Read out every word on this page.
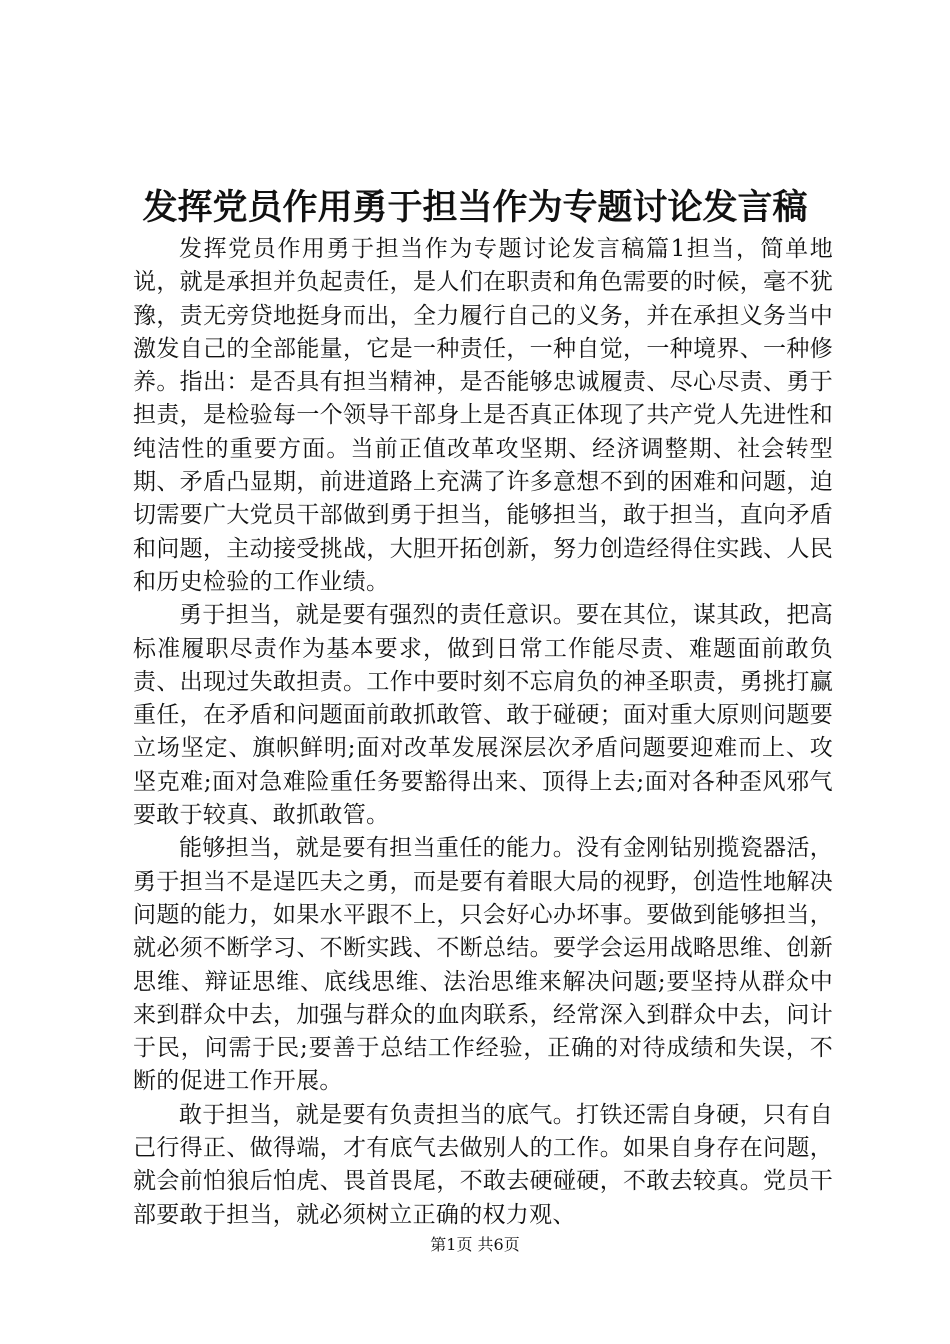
发挥党员作用勇于担当作为专题讨论发言稿

发挥党员作用勇于担当作为专题讨论发言稿篇1担当，简单地说，就是承担并负起责任，是人们在职责和角色需要的时候，毫不犹豫，责无旁贷地挺身而出，全力履行自己的义务，并在承担义务当中激发自己的全部能量，它是一种责任，一种自觉，一种境界、一种修养。指出：是否具有担当精神，是否能够忠诚履责、尽心尽责、勇于担责，是检验每一个领导干部身上是否真正体现了共产党人先进性和纯洁性的重要方面。当前正值改革攻坚期、经济调整期、社会转型期、矛盾凸显期，前进道路上充满了许多意想不到的困难和问题，迫切需要广大党员干部做到勇于担当，能够担当，敢于担当，直向矛盾和问题，主动接受挑战，大胆开拓创新，努力创造经得住实践、人民和历史检验的工作业绩。

勇于担当，就是要有强烈的责任意识。要在其位，谋其政，把高标准履职尽责作为基本要求，做到日常工作能尽责、难题面前敢负责、出现过失敢担责。工作中要时刻不忘肩负的神圣职责，勇挑打赢重任，在矛盾和问题面前敢抓敢管、敢于碰硬；面对重大原则问题要立场坚定、旗帜鲜明;面对改革发展深层次矛盾问题要迎难而上、攻坚克难;面对急难险重任务要豁得出来、顶得上去;面对各种歪风邪气要敢于较真、敢抓敢管。

能够担当，就是要有担当重任的能力。没有金刚钻别揽瓷器活，勇于担当不是逞匹夫之勇，而是要有着眼大局的视野，创造性地解决问题的能力，如果水平跟不上，只会好心办坏事。要做到能够担当，就必须不断学习、不断实践、不断总结。要学会运用战略思维、创新思维、辩证思维、底线思维、法治思维来解决问题;要坚持从群众中来到群众中去，加强与群众的血肉联系，经常深入到群众中去，问计于民，问需于民;要善于总结工作经验，正确的对待成绩和失误，不断的促进工作开展。

敢于担当，就是要有负责担当的底气。打铁还需自身硬，只有自己行得正、做得端，才有底气去做别人的工作。如果自身存在问题，就会前怕狼后怕虎、畏首畏尾，不敢去硬碰硬，不敢去较真。党员干部要敢于担当，就必须树立正确的权力观、

第1页 共6页
